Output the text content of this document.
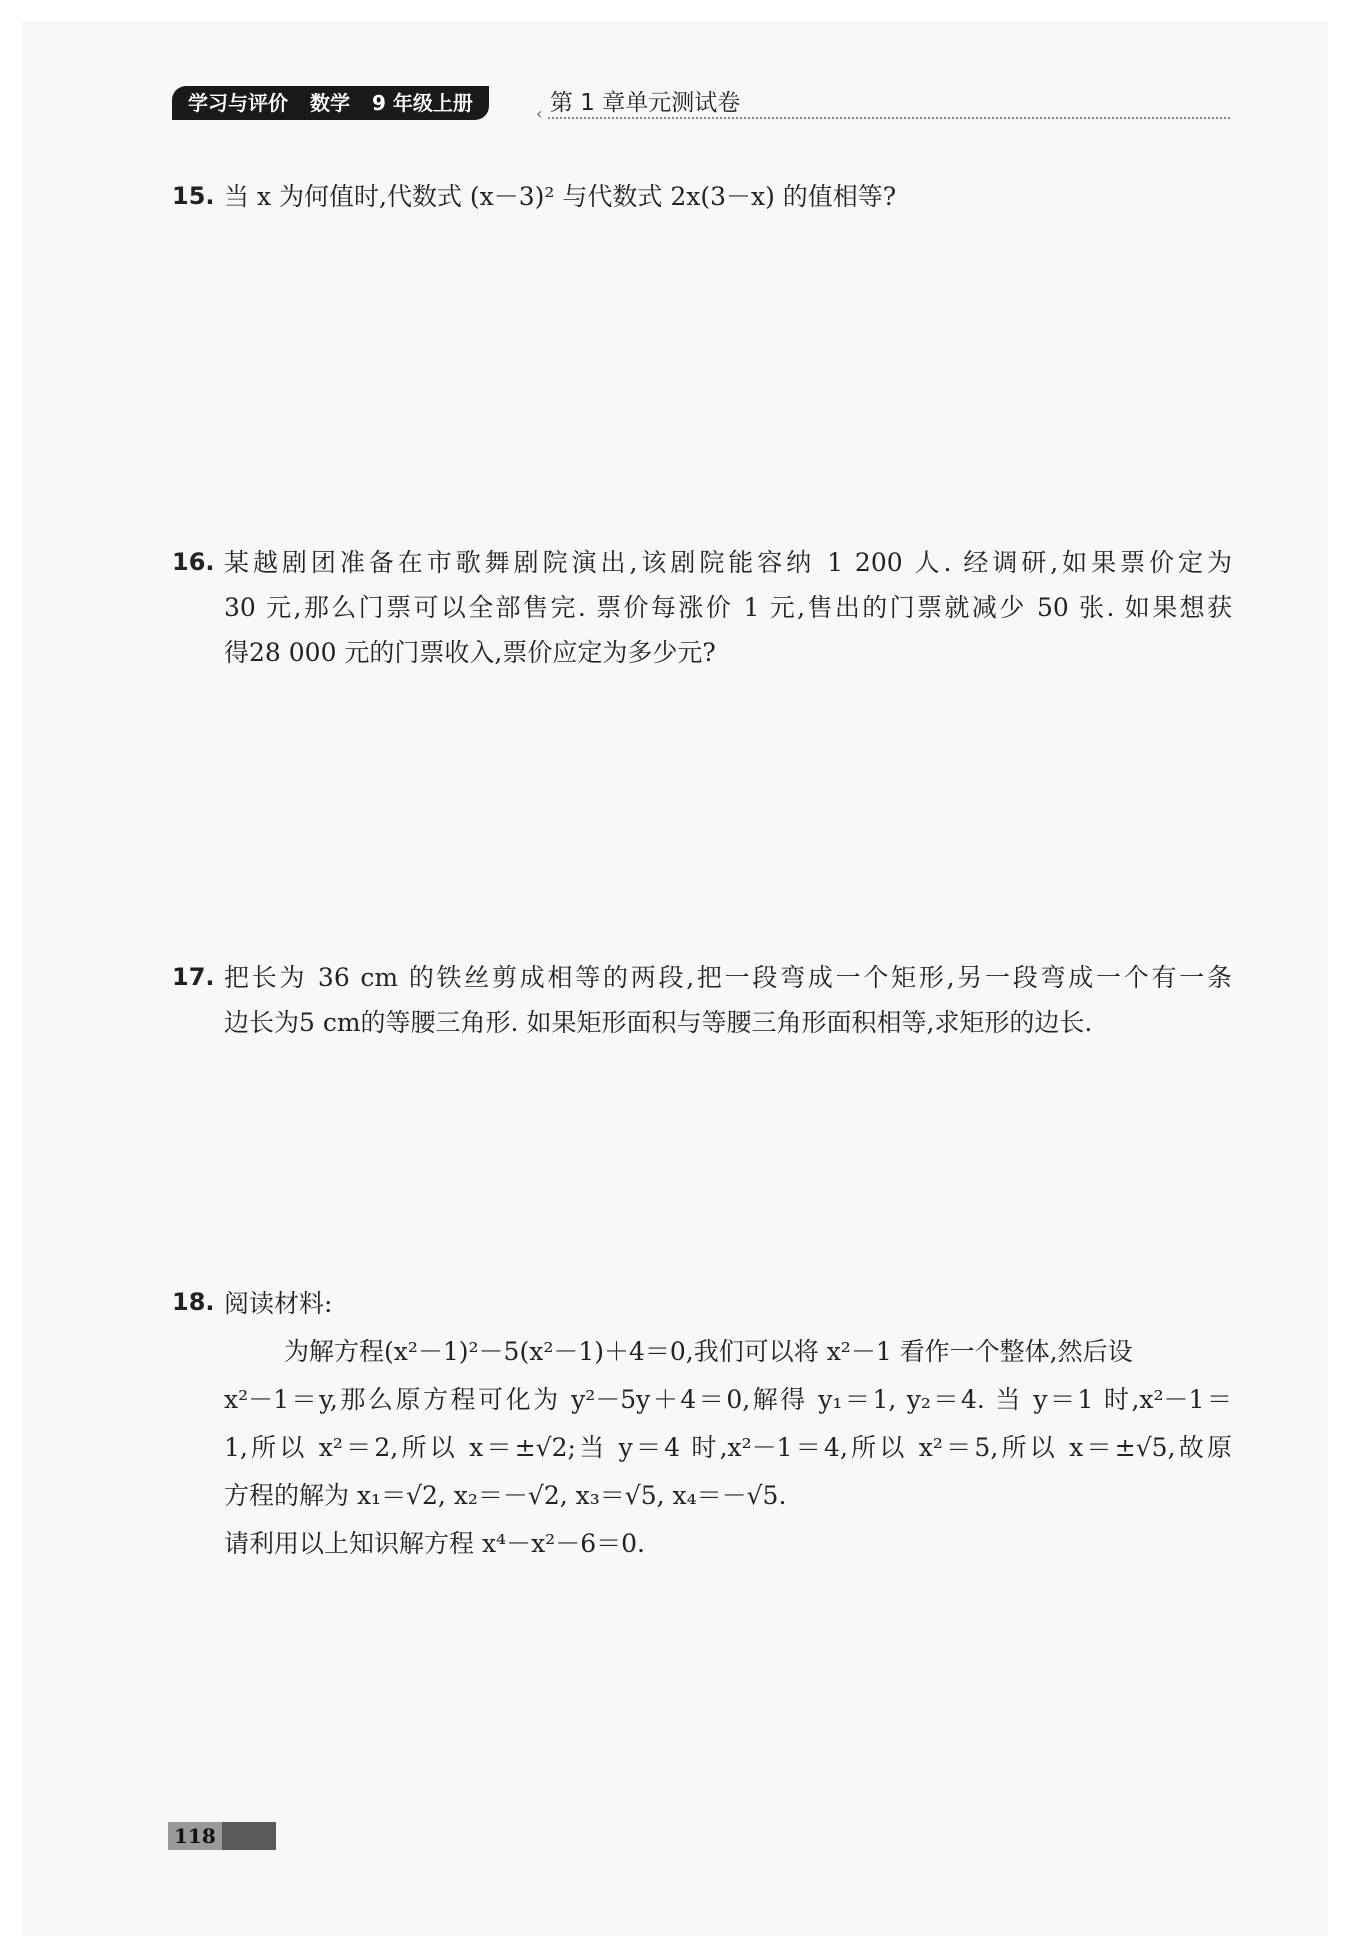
学习与评价 数学 9 年级上册	‹ 第 1 章单元测试卷
15. 当 x 为何值时,代数式 (x－3)² 与代数式 2x(3－x) 的值相等?
16. 某越剧团准备在市歌舞剧院演出,该剧院能容纳 1 200 人. 经调研,如果票价定为
30 元,那么门票可以全部售完. 票价每涨价 1 元,售出的门票就减少 50 张. 如果想获
得28 000 元的门票收入,票价应定为多少元?
17. 把长为 36 cm 的铁丝剪成相等的两段,把一段弯成一个矩形,另一段弯成一个有一条
边长为5 cm的等腰三角形. 如果矩形面积与等腰三角形面积相等,求矩形的边长.
18. 阅读材料:
为解方程(x²－1)²－5(x²－1)＋4＝0,我们可以将 x²－1 看作一个整体,然后设
x²－1＝y,那么原方程可化为 y²－5y＋4＝0,解得 y₁＝1, y₂＝4. 当 y＝1 时,x²－1＝
1,所以 x²＝2,所以 x＝±√2;当 y＝4 时,x²－1＝4,所以 x²＝5,所以 x＝±√5,故原
方程的解为 x₁＝√2, x₂＝－√2, x₃＝√5, x₄＝－√5.
请利用以上知识解方程 x⁴－x²－6＝0.
118
